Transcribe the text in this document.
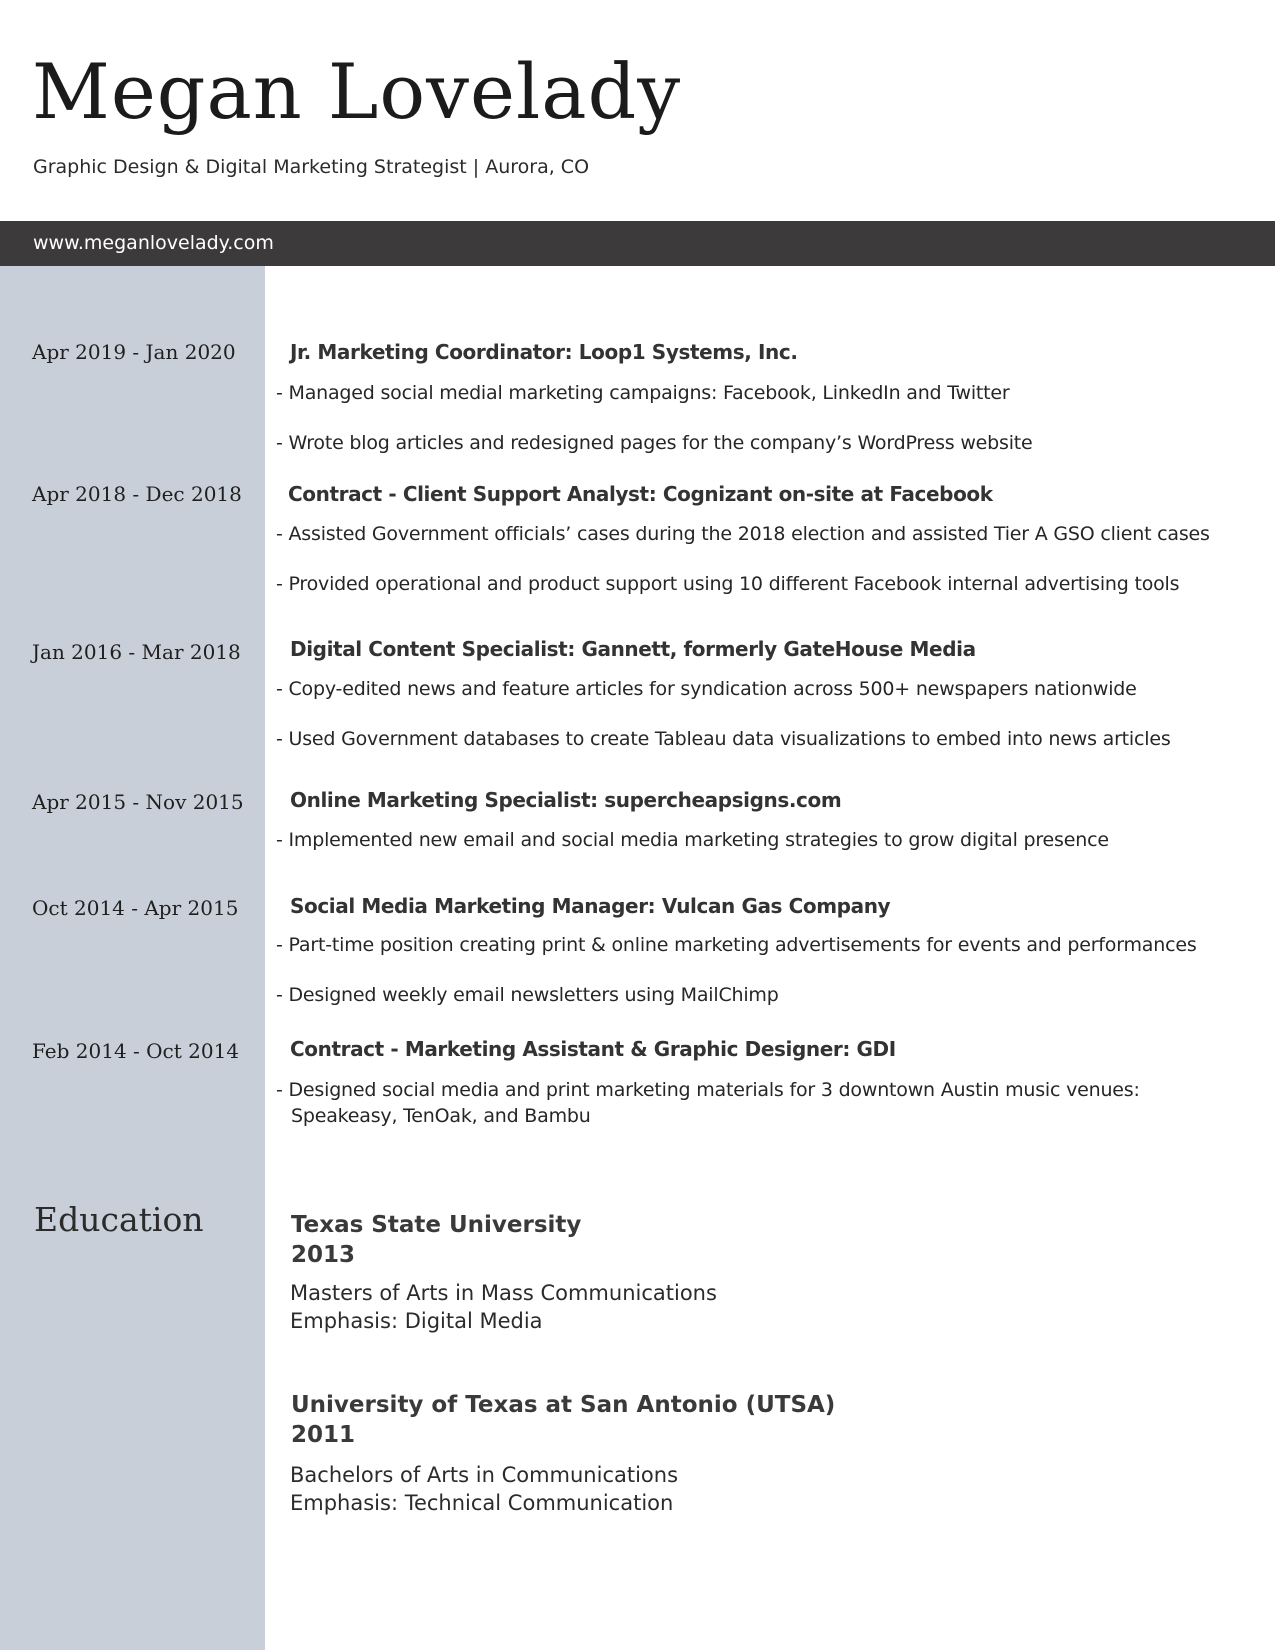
Megan Lovelady
Graphic Design & Digital Marketing Strategist | Aurora, CO
www.meganlovelady.com
Apr 2019 - Jan 2020	Jr. Marketing Coordinator: Loop1 Systems, Inc.
- Managed social medial marketing campaigns: Facebook, LinkedIn and Twitter
- Wrote blog articles and redesigned pages for the company’s WordPress website
Apr 2018 - Dec 2018	Contract - Client Support Analyst: Cognizant on-site at Facebook
- Assisted Government officials’ cases during the 2018 election and assisted Tier A GSO client cases
- Provided operational and product support using 10 different Facebook internal advertising tools
Jan 2016 - Mar 2018	Digital Content Specialist: Gannett, formerly GateHouse Media
- Copy-edited news and feature articles for syndication across 500+ newspapers nationwide
- Used Government databases to create Tableau data visualizations to embed into news articles
Apr 2015 - Nov 2015	Online Marketing Specialist: supercheapsigns.com
- Implemented new email and social media marketing strategies to grow digital presence
Oct 2014 - Apr 2015	Social Media Marketing Manager: Vulcan Gas Company
- Part-time position creating print & online marketing advertisements for events and performances
- Designed weekly email newsletters using MailChimp
Feb 2014 - Oct 2014	Contract - Marketing Assistant & Graphic Designer: GDI
- Designed social media and print marketing materials for 3 downtown Austin music venues: Speakeasy, TenOak, and Bambu
Education	Texas State University
2013
Masters of Arts in Mass Communications
Emphasis: Digital Media
University of Texas at San Antonio (UTSA)
2011
Bachelors of Arts in Communications
Emphasis: Technical Communication
